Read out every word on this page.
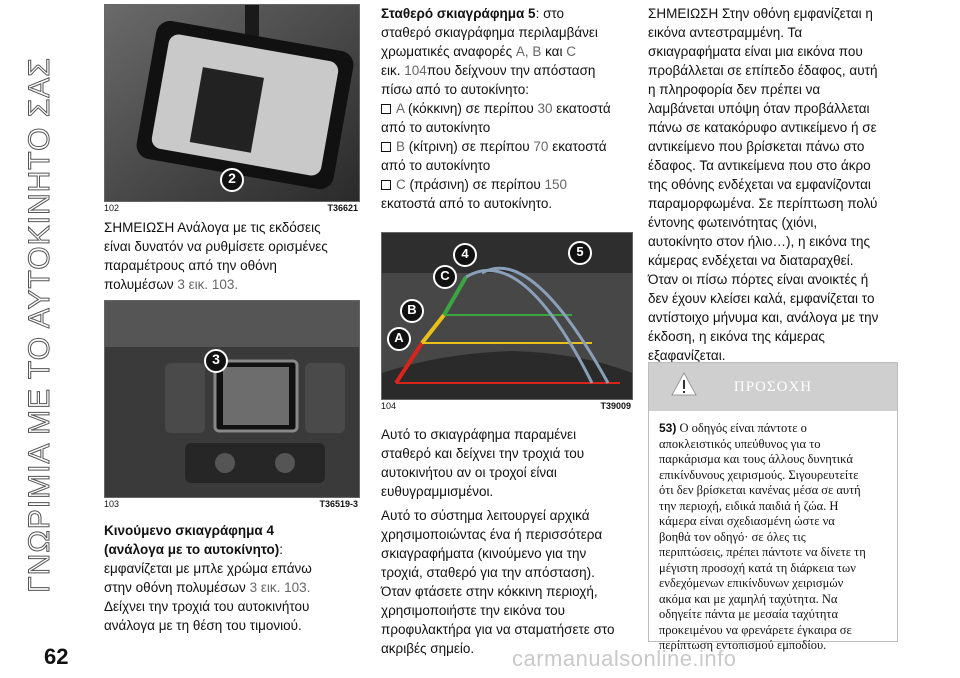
ΓΝΩΡΙΜΙΑ ΜΕ ΤΟ ΑΥΤΟΚΙΝΗΤΟ ΣΑΣ
62	carmanualsonline.info
2
102	T36621
ΣΗΜΕΙΩΣΗ Ανάλογα με τις εκδόσεις
είναι δυνατόν να ρυθμίσετε ορισμένες
παραμέτρους από την οθόνη
πολυμέσων 3 εικ. 103.
3
103	T36519-3
Κινούμενο σκιαγράφημα 4
(ανάλογα με το αυτοκίνητο):
εμφανίζεται με μπλε χρώμα επάνω
στην οθόνη πολυμέσων 3 εικ. 103.
Δείχνει την τροχιά του αυτοκινήτου
ανάλογα με τη θέση του τιμονιού.
Σταθερό σκιαγράφημα 5: στο
σταθερό σκιαγράφημα περιλαμβάνει
χρωματικές αναφορές A, B και C
εικ. 104που δείχνουν την απόσταση
πίσω από το αυτοκίνητο:
A (κόκκινη) σε περίπου 30 εκατοστά
από το αυτοκίνητο
B (κίτρινη) σε περίπου 70 εκατοστά
από το αυτοκίνητο
C (πράσινη) σε περίπου 150
εκατοστά από το αυτοκίνητο.
4	5
C
B
A
104	T39009

Αυτό το σκιαγράφημα παραμένει
σταθερό και δείχνει την τροχιά του
αυτοκινήτου αν οι τροχοί είναι
ευθυγραμμισμένοι.

Αυτό το σύστημα λειτουργεί αρχικά
χρησιμοποιώντας ένα ή περισσότερα
σκιαγραφήματα (κινούμενο για την
τροχιά, σταθερό για την απόσταση).
Όταν φτάσετε στην κόκκινη περιοχή,
χρησιμοποιήστε την εικόνα του
προφυλακτήρα για να σταματήσετε στο
ακριβές σημείο.

ΣΗΜΕΙΩΣΗ Στην οθόνη εμφανίζεται η
εικόνα αντεστραμμένη. Τα
σκιαγραφήματα είναι μια εικόνα που
προβάλλεται σε επίπεδο έδαφος, αυτή
η πληροφορία δεν πρέπει να
λαμβάνεται υπόψη όταν προβάλλεται
πάνω σε κατακόρυφο αντικείμενο ή σε
αντικείμενο που βρίσκεται πάνω στο
έδαφος. Τα αντικείμενα που στο άκρο
της οθόνης ενδέχεται να εμφανίζονται
παραμορφωμένα. Σε περίπτωση πολύ
έντονης φωτεινότητας (χιόνι,
αυτοκίνητο στον ήλιο…), η εικόνα της
κάμερας ενδέχεται να διαταραχθεί.
Όταν οι πίσω πόρτες είναι ανοικτές ή
δεν έχουν κλείσει καλά, εμφανίζεται το
αντίστοιχο μήνυμα και, ανάλογα με την
έκδοση, η εικόνα της κάμερας
εξαφανίζεται.
ΠΡΟΣΟΧΗ
53) Ο οδηγός είναι πάντοτε ο
αποκλειστικός υπεύθυνος για το
παρκάρισμα και τους άλλους δυνητικά
επικίνδυνους χειρισμούς. Σιγουρευτείτε
ότι δεν βρίσκεται κανένας μέσα σε αυτή
την περιοχή, ειδικά παιδιά ή ζώα. Η
κάμερα είναι σχεδιασμένη ώστε να
βοηθά τον οδηγό· σε όλες τις
περιπτώσεις, πρέπει πάντοτε να δίνετε τη
μέγιστη προσοχή κατά τη διάρκεια των
ενδεχόμενων επικίνδυνων χειρισμών
ακόμα και με χαμηλή ταχύτητα. Να
οδηγείτε πάντα με μεσαία ταχύτητα
προκειμένου να φρενάρετε έγκαιρα σε
περίπτωση εντοπισμού εμποδίου.
